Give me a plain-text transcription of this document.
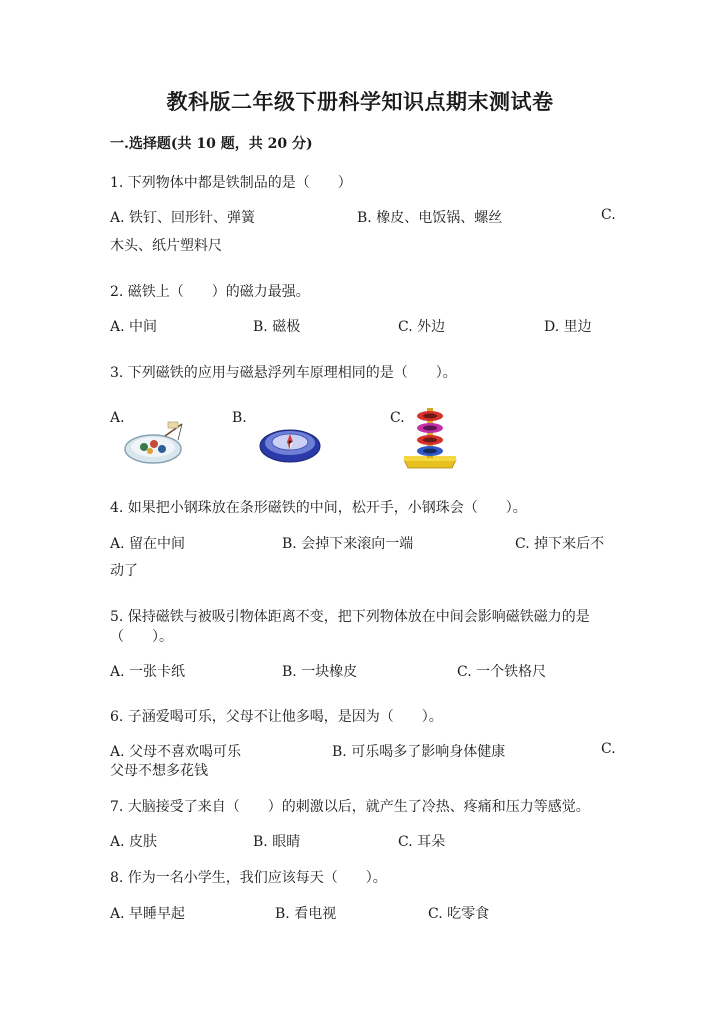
教科版二年级下册科学知识点期末测试卷
一.选择题(共 10 题，共 20 分)
1. 下列物体中都是铁制品的是（　　）
A. 铁钉、回形针、弹簧	B. 橡皮、电饭锅、螺丝	C.
木头、纸片塑料尺
2. 磁铁上（　　）的磁力最强。
A. 中间	B. 磁极	C. 外边	D. 里边
3. 下列磁铁的应用与磁悬浮列车原理相同的是（　　）。
A.	B.	C.
4. 如果把小钢珠放在条形磁铁的中间，松开手，小钢珠会（　　）。
A. 留在中间	B. 会掉下来滚向一端	C. 掉下来后不
动了
5. 保持磁铁与被吸引物体距离不变，把下列物体放在中间会影响磁铁磁力的是
（　　）。
A. 一张卡纸	B. 一块橡皮	C. 一个铁格尺
6. 子涵爱喝可乐，父母不让他多喝，是因为（　　）。
A. 父母不喜欢喝可乐	B. 可乐喝多了影响身体健康	C.
父母不想多花钱
7. 大脑接受了来自（　　）的刺激以后，就产生了冷热、疼痛和压力等感觉。
A. 皮肤	B. 眼睛	C. 耳朵
8. 作为一名小学生，我们应该每天（　　）。
A. 早睡早起	B. 看电视	C. 吃零食
